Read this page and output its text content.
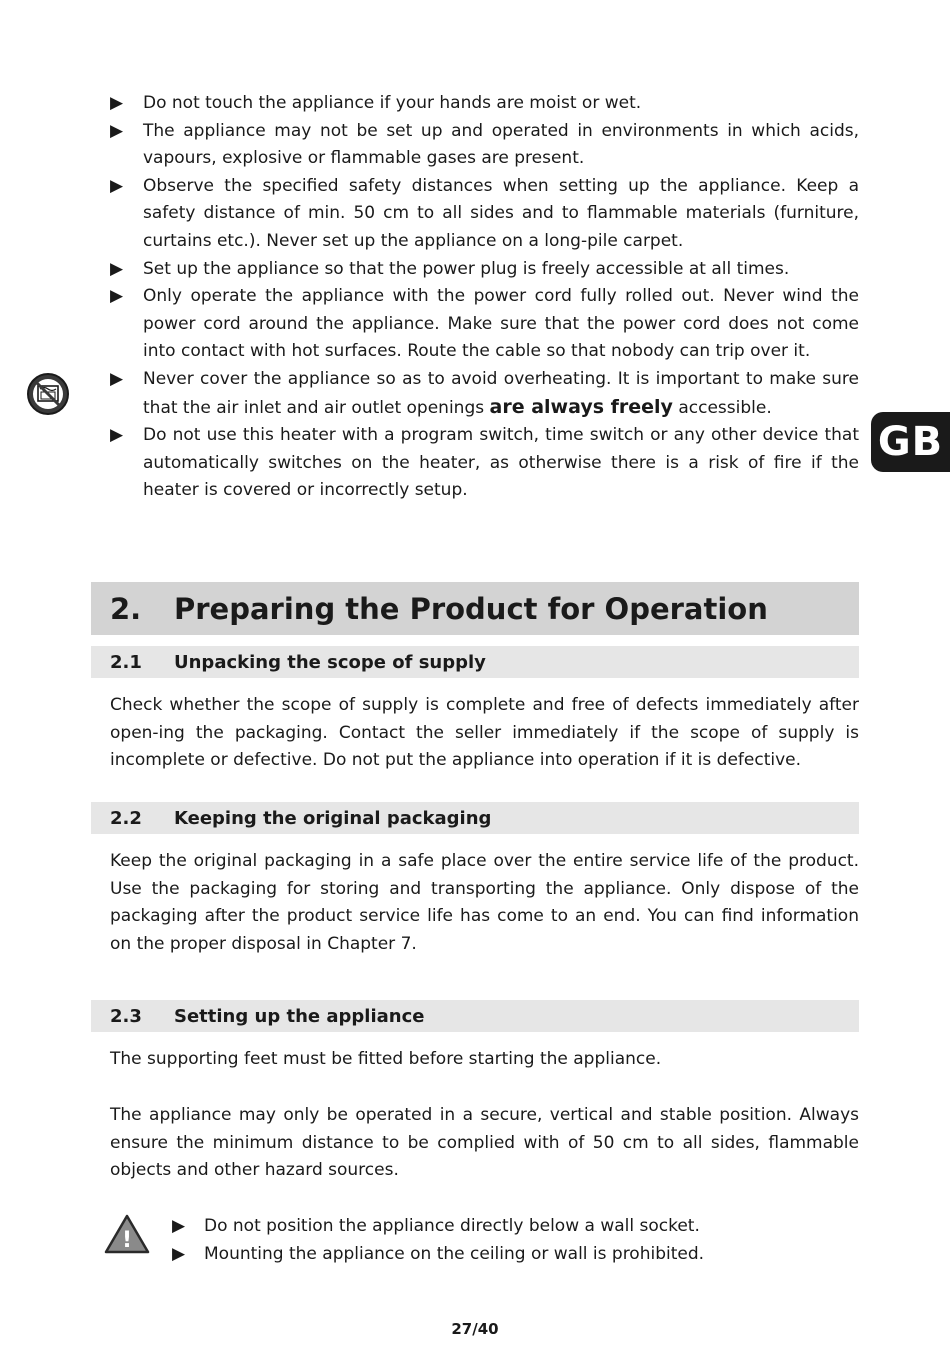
▶ Do not touch the appliance if your hands are moist or wet.
▶ The appliance may not be set up and operated in environments in which acids, vapours, explosive or flammable gases are present.
▶ Observe the specified safety distances when setting up the appliance. Keep a safety distance of min. 50 cm to all sides and to flammable materials (furniture, curtains etc.). Never set up the appliance on a long-pile carpet.
▶ Set up the appliance so that the power plug is freely accessible at all times.
▶ Only operate the appliance with the power cord fully rolled out. Never wind the power cord around the appliance. Make sure that the power cord does not come into contact with hot surfaces. Route the cable so that nobody can trip over it.
▶ Never cover the appliance so as to avoid overheating. It is important to make sure that the air inlet and air outlet openings are always freely accessible.
▶ Do not use this heater with a program switch, time switch or any other device that automatically switches on the heater, as otherwise there is a risk of fire if the heater is covered or incorrectly setup.
GB
2. Preparing the Product for Operation
2.1 Unpacking the scope of supply
Check whether the scope of supply is complete and free of defects immediately after open-ing the packaging. Contact the seller immediately if the scope of supply is incomplete or defective. Do not put the appliance into operation if it is defective.
2.2 Keeping the original packaging
Keep the original packaging in a safe place over the entire service life of the product. Use the packaging for storing and transporting the appliance. Only dispose of the packaging after the product service life has come to an end. You can find information on the proper disposal in Chapter 7.
2.3 Setting up the appliance
The supporting feet must be fitted before starting the appliance.
The appliance may only be operated in a secure, vertical and stable position. Always ensure the minimum distance to be complied with of 50 cm to all sides, flammable objects and other hazard sources.
!
▶ Do not position the appliance directly below a wall socket.
▶ Mounting the appliance on the ceiling or wall is prohibited.
27/40
